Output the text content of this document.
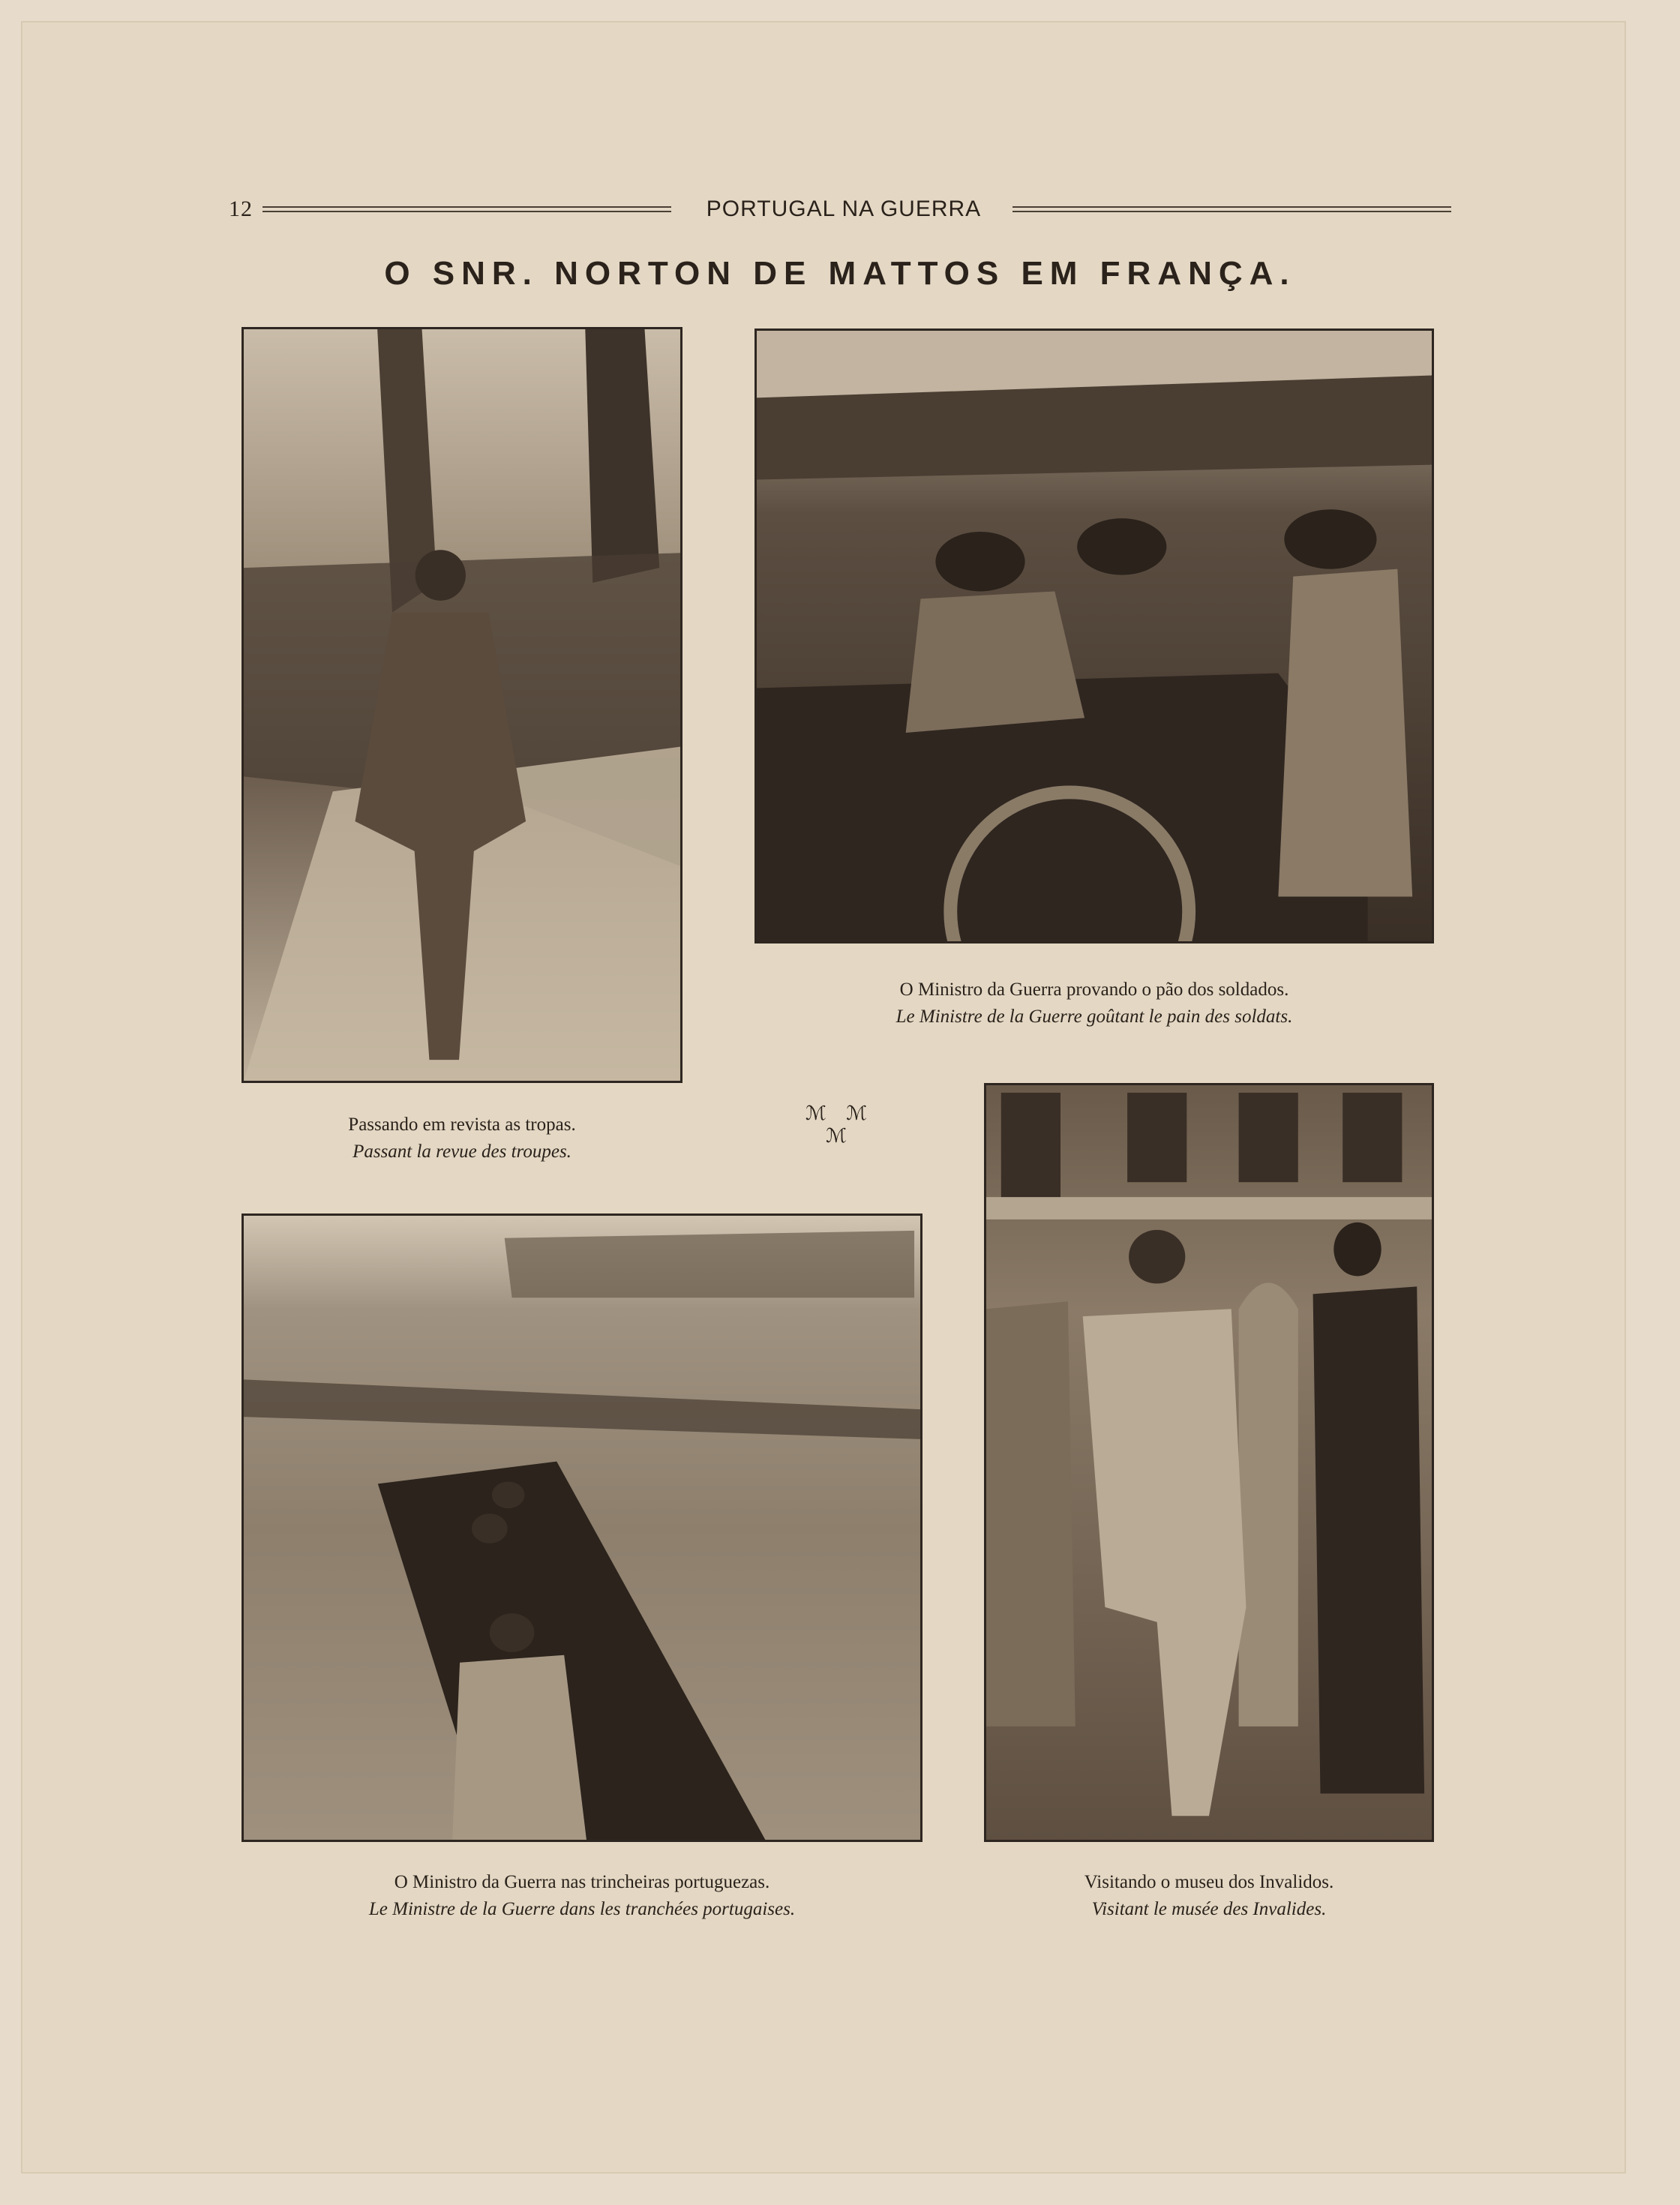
12	PORTUGAL NA GUERRA
O SNR. NORTON DE MATTOS EM FRANÇA.
ℳ ℳ ℳ
Passando em revista as tropas.
Passant la revue des troupes.
O Ministro da Guerra provando o pão dos soldados.
Le Ministre de la Guerre goûtant le pain des soldats.
O Ministro da Guerra nas trincheiras portuguezas.
Le Ministre de la Guerre dans les tranchées portugaises.
Visitando o museu dos Invalidos.
Visitant le musée des Invalides.
